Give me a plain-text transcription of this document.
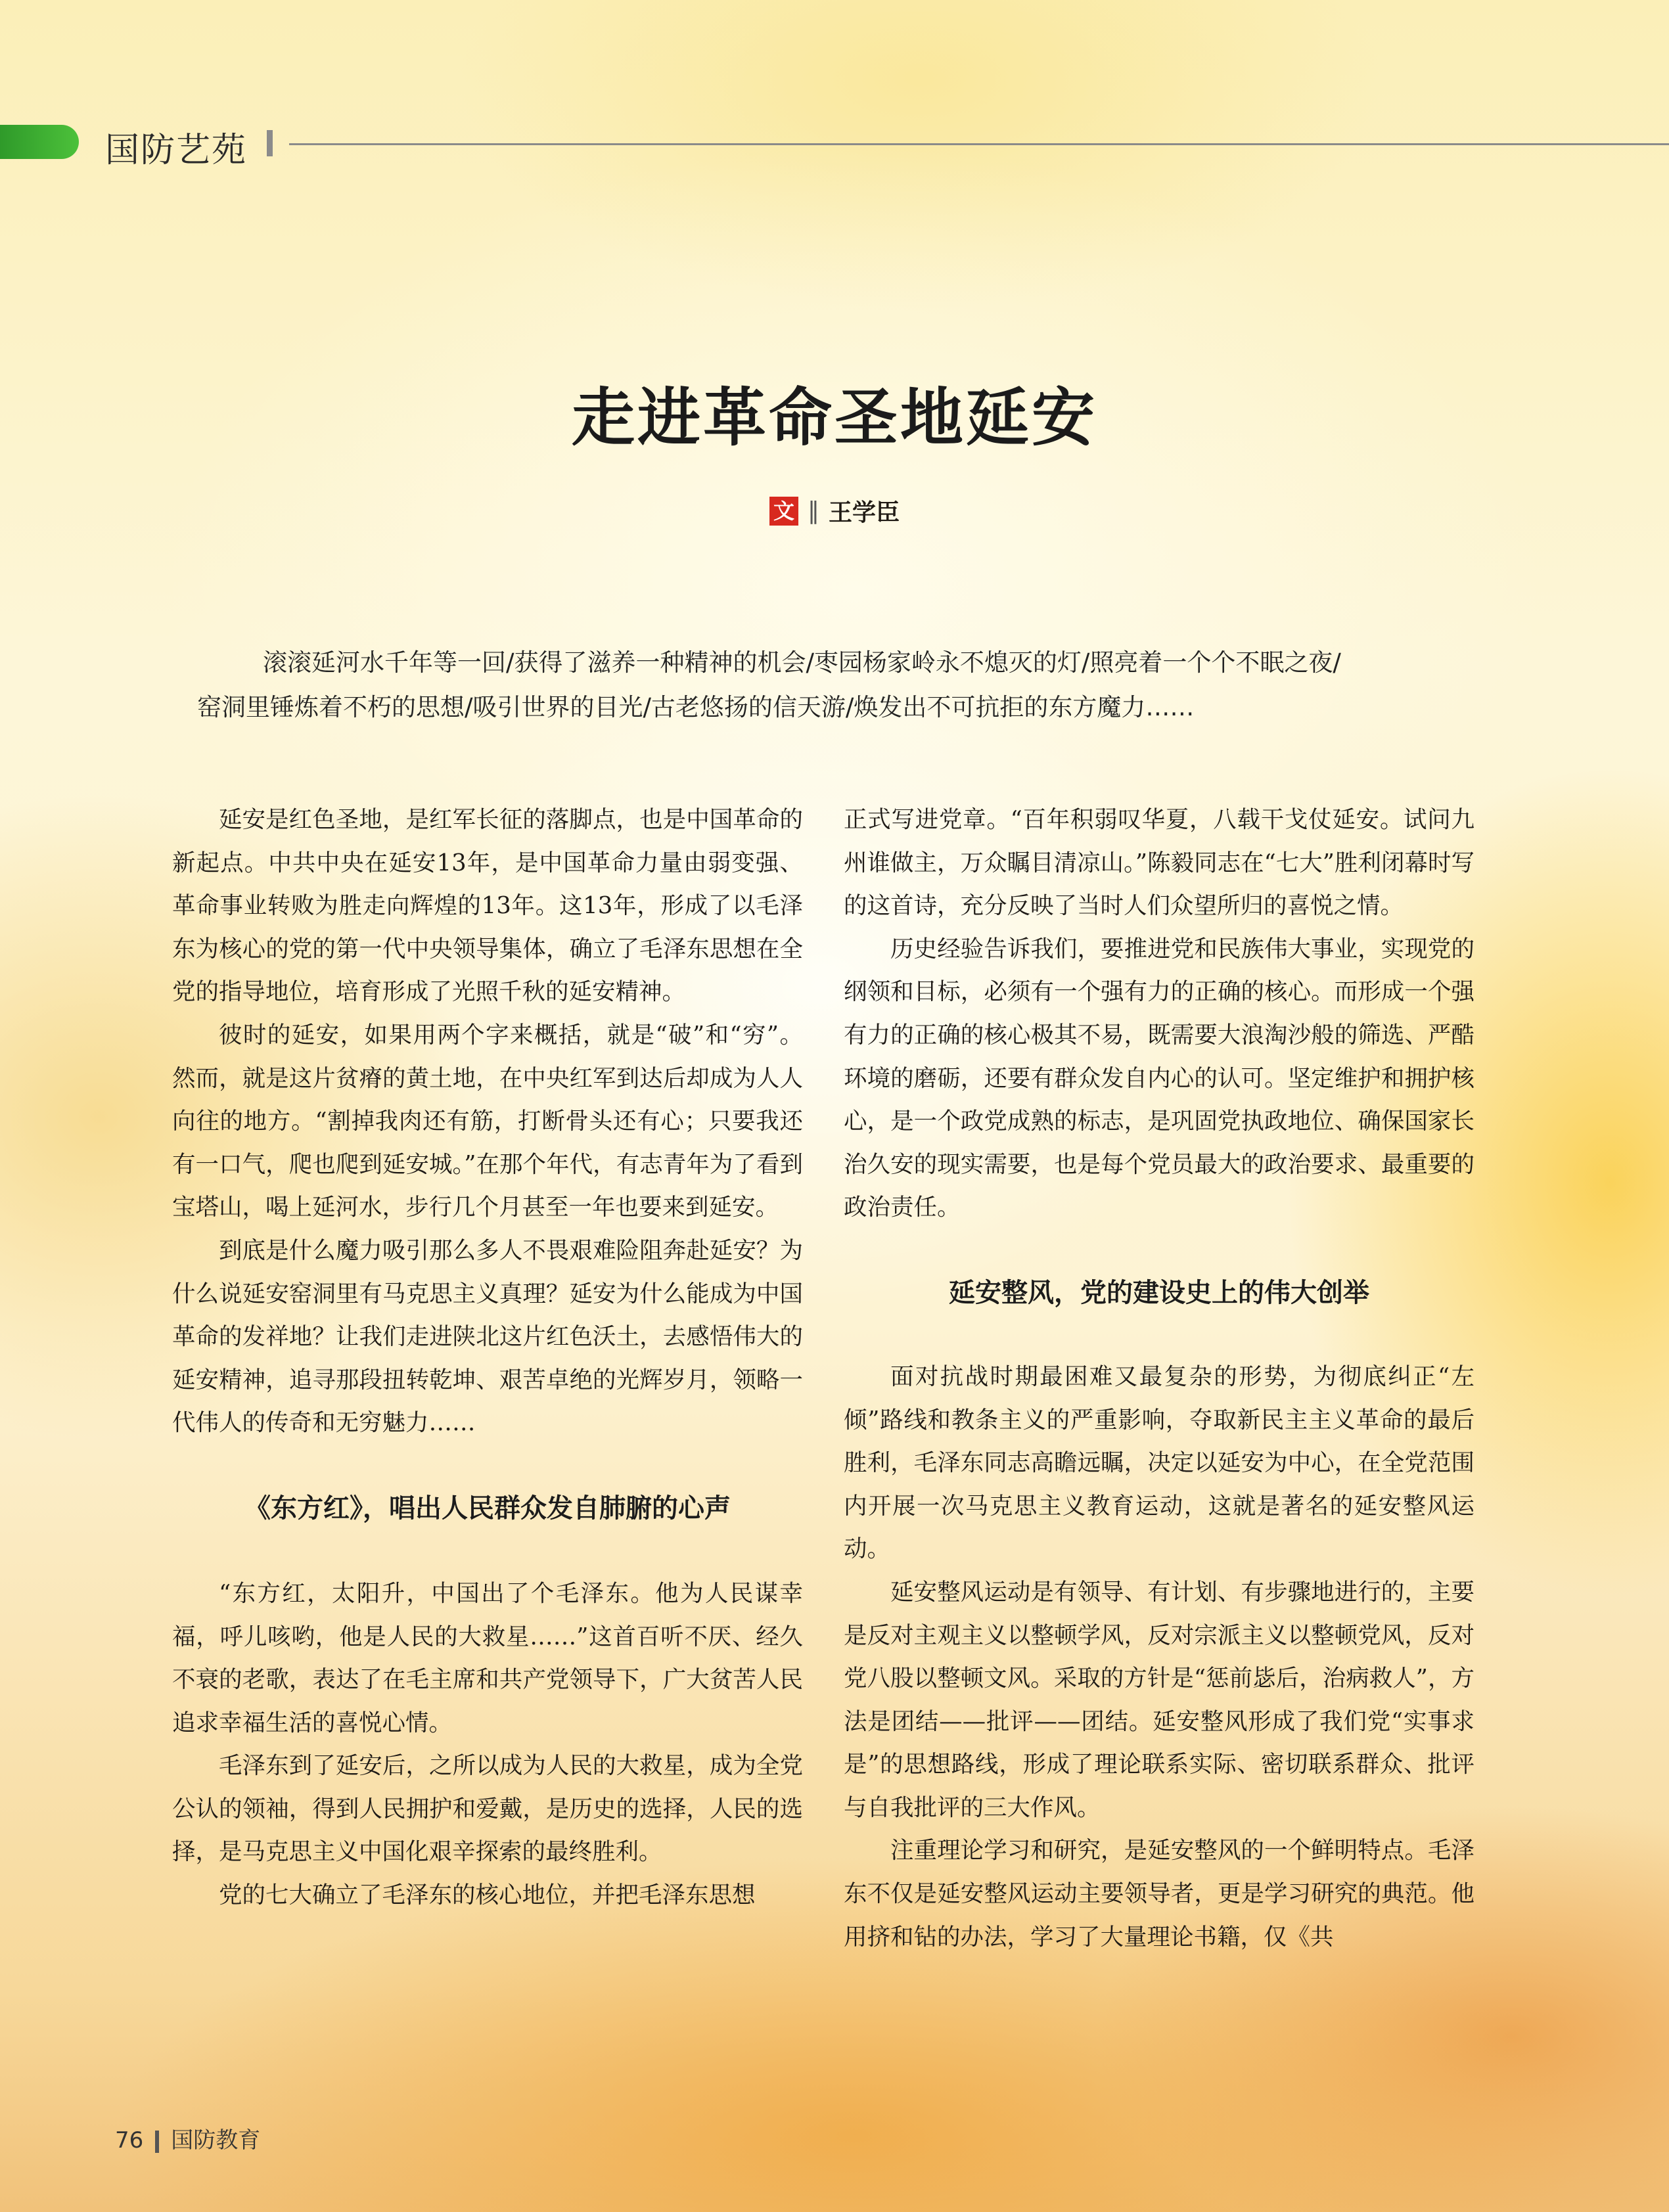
国防艺苑
走进革命圣地延安
文 ‖ 王学臣
滚滚延河水千年等一回/获得了滋养一种精神的机会/枣园杨家岭永不熄灭的灯/照亮着一个个不眠之夜/
窑洞里锤炼着不朽的思想/吸引世界的目光/古老悠扬的信天游/焕发出不可抗拒的东方魔力……

延安是红色圣地，是红军长征的落脚点，也是中国革命的新起点。中共中央在延安13年，是中国革命力量由弱变强、革命事业转败为胜走向辉煌的13年。这13年，形成了以毛泽东为核心的党的第一代中央领导集体，确立了毛泽东思想在全党的指导地位，培育形成了光照千秋的延安精神。

彼时的延安，如果用两个字来概括，就是“破”和“穷”。然而，就是这片贫瘠的黄土地，在中央红军到达后却成为人人向往的地方。“割掉我肉还有筋，打断骨头还有心；只要我还有一口气，爬也爬到延安城。”在那个年代，有志青年为了看到宝塔山，喝上延河水，步行几个月甚至一年也要来到延安。

到底是什么魔力吸引那么多人不畏艰难险阻奔赴延安？为什么说延安窑洞里有马克思主义真理？延安为什么能成为中国革命的发祥地？让我们走进陕北这片红色沃土，去感悟伟大的延安精神，追寻那段扭转乾坤、艰苦卓绝的光辉岁月，领略一代伟人的传奇和无穷魅力……

《东方红》，唱出人民群众发自肺腑的心声

“东方红，太阳升，中国出了个毛泽东。他为人民谋幸福，呼儿咳哟，他是人民的大救星……”这首百听不厌、经久不衰的老歌，表达了在毛主席和共产党领导下，广大贫苦人民追求幸福生活的喜悦心情。

毛泽东到了延安后，之所以成为人民的大救星，成为全党公认的领袖，得到人民拥护和爱戴，是历史的选择，人民的选择，是马克思主义中国化艰辛探索的最终胜利。

党的七大确立了毛泽东的核心地位，并把毛泽东思想

正式写进党章。“百年积弱叹华夏，八载干戈仗延安。试问九州谁做主，万众瞩目清凉山。”陈毅同志在“七大”胜利闭幕时写的这首诗，充分反映了当时人们众望所归的喜悦之情。

历史经验告诉我们，要推进党和民族伟大事业，实现党的纲领和目标，必须有一个强有力的正确的核心。而形成一个强有力的正确的核心极其不易，既需要大浪淘沙般的筛选、严酷环境的磨砺，还要有群众发自内心的认可。坚定维护和拥护核心，是一个政党成熟的标志，是巩固党执政地位、确保国家长治久安的现实需要，也是每个党员最大的政治要求、最重要的政治责任。

延安整风，党的建设史上的伟大创举

面对抗战时期最困难又最复杂的形势，为彻底纠正“左倾”路线和教条主义的严重影响，夺取新民主主义革命的最后胜利，毛泽东同志高瞻远瞩，决定以延安为中心，在全党范围内开展一次马克思主义教育运动，这就是著名的延安整风运动。

延安整风运动是有领导、有计划、有步骤地进行的，主要是反对主观主义以整顿学风，反对宗派主义以整顿党风，反对党八股以整顿文风。采取的方针是“惩前毖后，治病救人”，方法是团结——批评——团结。延安整风形成了我们党“实事求是”的思想路线，形成了理论联系实际、密切联系群众、批评与自我批评的三大作风。

注重理论学习和研究，是延安整风的一个鲜明特点。毛泽东不仅是延安整风运动主要领导者，更是学习研究的典范。他用挤和钻的办法，学习了大量理论书籍，仅《共

76 国防教育
